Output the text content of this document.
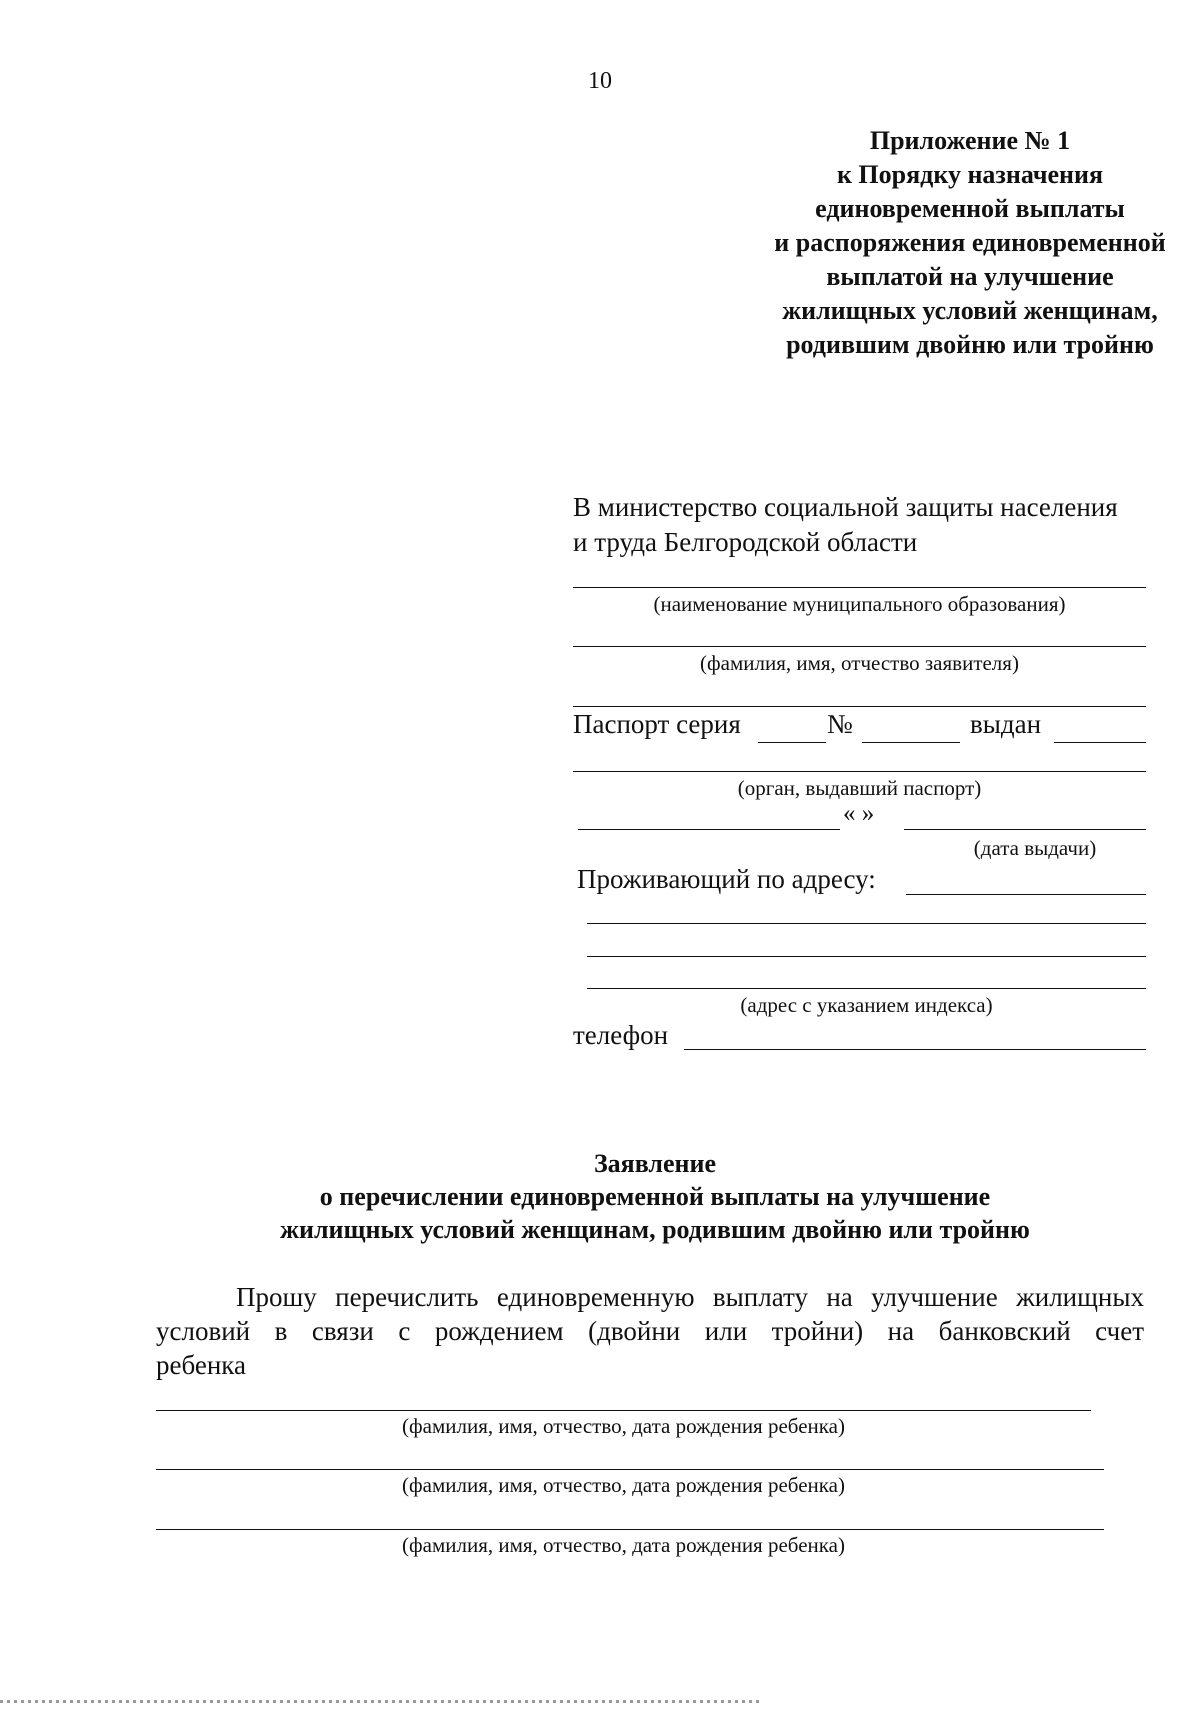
10
Приложение № 1
к Порядку назначения
единовременной выплаты
и распоряжения единовременной
выплатой на улучшение
жилищных условий женщинам,
родившим двойню или тройню
В министерство социальной защиты населения
и труда Белгородской области
(наименование муниципального образования)
(фамилия, имя, отчество заявителя)
Паспорт серия	№	выдан
(орган, выдавший паспорт)
« »
(дата выдачи)
Проживающий по адресу:
(адрес с указанием индекса)
телефон
Заявление
о перечислении единовременной выплаты на улучшение
жилищных условий женщинам, родившим двойню или тройню
Прошу перечислить единовременную выплату на улучшение жилищных
условий в связи с рождением (двойни или тройни) на банковский счет
ребенка
(фамилия, имя, отчество, дата рождения ребенка)
(фамилия, имя, отчество, дата рождения ребенка)
(фамилия, имя, отчество, дата рождения ребенка)
